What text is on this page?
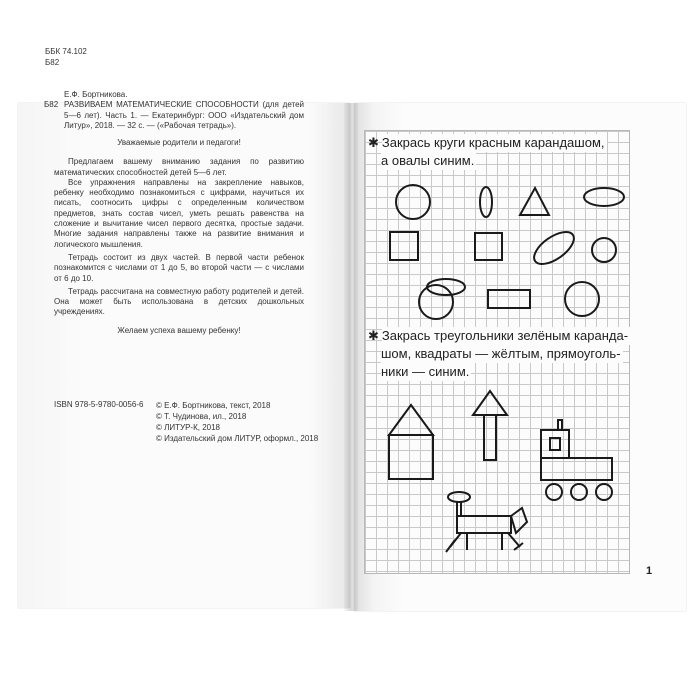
ББК 74.102
Б82
Е.Ф. Бортникова.
Б82 РАЗВИВАЕМ МАТЕМАТИЧЕСКИЕ СПОСОБНОСТИ (для детей 5—6 лет). Часть 1. — Екатеринбург: ООО «Издательский дом Литур», 2018. — 32 с. — («Рабочая тетрадь»).
Уважаемые родители и педагоги!

Предлагаем вашему вниманию задания по развитию математических способностей детей 5—6 лет.

Все упражнения направлены на закрепление навыков, ребенку необходимо познакомиться с цифрами, научиться их писать, соотносить цифры с определенным количеством предметов, знать состав чисел, уметь решать равенства на сложение и вычитание чисел первого десятка, простые задачи. Многие задания направлены также на развитие внимания и логического мышления.

Тетрадь состоит из двух частей. В первой части ребенок познакомится с числами от 1 до 5, во второй части — с числами от 6 до 10.

Тетрадь рассчитана на совместную работу родителей и детей. Она может быть использована в детских дошкольных учреждениях.

Желаем успеха вашему ребенку!

ISBN 978-5-9780-0056-6 © Е.Ф. Бортникова, текст, 2018
© Т. Чудинова, ил., 2018
© ЛИТУР-К, 2018
© Издательский дом ЛИТУР, оформл., 2018
✱ Закрась круги красным карандашом,
а овалы синим.
✱ Закрась треугольники зелёным каранда-
шом, квадраты — жёлтым, прямоуголь-
ники — синим.
1
